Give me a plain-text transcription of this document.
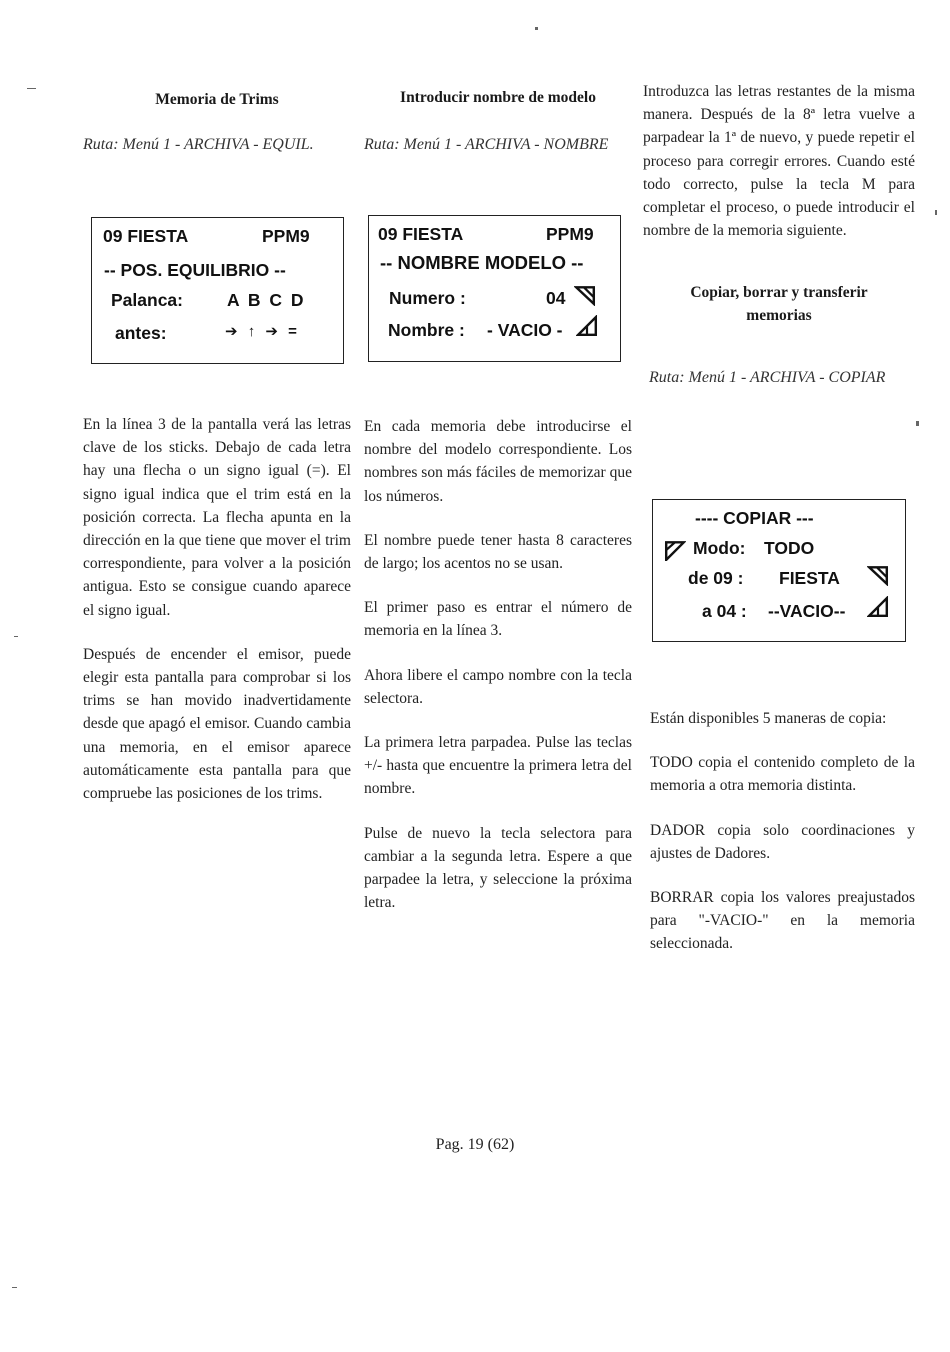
Memoria de Trims

Ruta: Menú 1 - ARCHIVA - EQUIL.

09 FIESTA	PPM9
-- POS. EQUILIBRIO --
Palanca:	A B C D
antes:	➔ ↑ ➔ =

En la línea 3 de la pantalla verá las letras clave de los sticks. Debajo de cada letra hay una flecha o un signo igual (=). El signo igual indica que el trim está en la posición correcta. La flecha apunta en la dirección en la que tiene que mover el trim correspondiente, para volver a la posición antigua. Esto se consigue cuando aparece el signo igual.

Después de encender el emisor, puede elegir esta pantalla para comprobar si los trims se han movido inadvertidamente desde que apagó el emisor. Cuando cambia una memoria, en el emisor aparece automáticamente esta pantalla para que compruebe las posiciones de los trims.

Introducir nombre de modelo

Ruta: Menú 1 - ARCHIVA - NOMBRE

09 FIESTA	PPM9
-- NOMBRE MODELO --
Numero :	04
Nombre : - VACIO -

En cada memoria debe introducirse el nombre del modelo correspondiente. Los nombres son más fáciles de memorizar que los números.

El nombre puede tener hasta 8 caracteres de largo; los acentos no se usan.

El primer paso es entrar el número de memoria en la línea 3.

Ahora libere el campo nombre con la tecla selectora.

La primera letra parpadea. Pulse las teclas +/- hasta que encuentre la primera letra del nombre.

Pulse de nuevo la tecla selectora para cambiar a la segunda letra. Espere a que parpadee la letra, y seleccione la próxima letra.

Introduzca las letras restantes de la misma manera. Después de la 8ª letra vuelve a parpadear la 1ª de nuevo, y puede repetir el proceso para corregir errores. Cuando esté todo correcto, pulse la tecla M para completar el proceso, o puede introducir el nombre de la memoria siguiente.

Copiar, borrar y transferir memorias

Ruta: Menú 1 - ARCHIVA - COPIAR

---- COPIAR ---
Modo: TODO
de 09 : FIESTA
a 04 : --VACIO--

Están disponibles 5 maneras de copia:

TODO copia el contenido completo de la memoria a otra memoria distinta.

DADOR copia solo coordinaciones y ajustes de Dadores.

BORRAR copia los valores preajustados para "-VACIO-" en la memoria seleccionada.

Pag. 19 (62)
